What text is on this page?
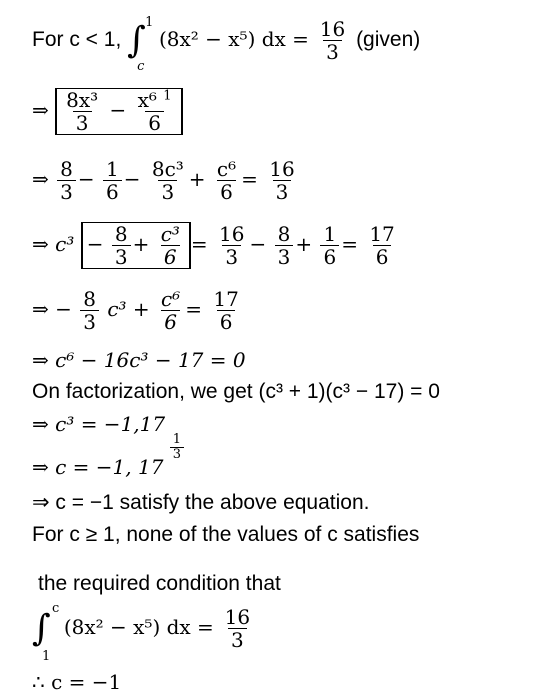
For c < 1, ∫ 1
c
(8x² − x⁵) dx = $\frac{16}{3}$ (given)
⇒ $\frac{\text{8x³}}{3} - \frac{x^6 ^1}{6}$
⇒ $\frac{8}{3} - \frac{1}{6} - \frac{\text{8c³}}{3} + \frac{\text{c⁶}}{6} = \frac{16}{3}$
⇒ $c^3 - \frac{8}{3} + \frac{\text{c³}}{6} = \frac{16}{3} - \frac{8}{3} + \frac{1}{6} = \frac{17}{6}$
⇒ − $\frac{8}{3} c^3 + \frac{\text{c⁶}}{6} = \frac{17}{6}$
⇒ c⁶ − 16c³ − 17 = 0
On factorization, we get (c³ + 1)(c³ − 17) = 0
⇒ c³ = −1,17
⇒ c = −1, 17
$\frac{1}{3}$
⇒ c = −1 satisfy the above equation.
For c ≥ 1, none of the values of c satisfies
the required condition that
∫ c
1
(8x² − x⁵) dx = $\frac{16}{3}$
∴ c = −1
